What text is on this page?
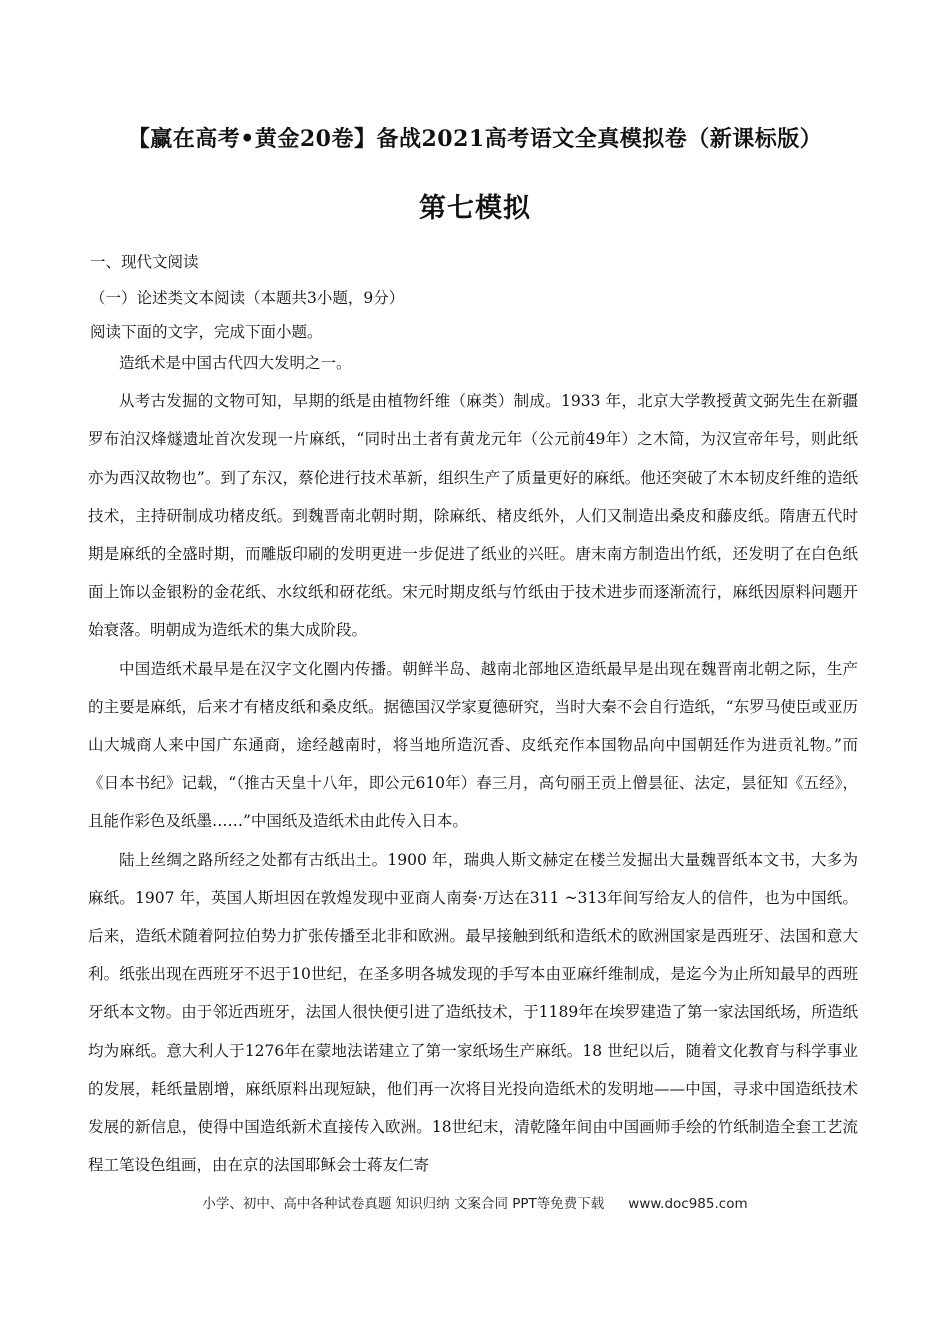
【赢在高考•黄金20卷】备战2021高考语文全真模拟卷（新课标版）
第七模拟
一、现代文阅读
（一）论述类文本阅读（本题共3小题，9分）
阅读下面的文字，完成下面小题。

造纸术是中国古代四大发明之一。

从考古发掘的文物可知，早期的纸是由植物纤维（麻类）制成。1933 年，北京大学教授黄文弼先生在新疆罗布泊汉烽燧遗址首次发现一片麻纸，“同时出土者有黄龙元年（公元前49年）之木简，为汉宣帝年号，则此纸亦为西汉故物也”。到了东汉，蔡伦进行技术革新，组织生产了质量更好的麻纸。他还突破了木本韧皮纤维的造纸技术，主持研制成功楮皮纸。到魏晋南北朝时期，除麻纸、楮皮纸外，人们又制造出桑皮和藤皮纸。隋唐五代时期是麻纸的全盛时期，而雕版印刷的发明更进一步促进了纸业的兴旺。唐末南方制造出竹纸，还发明了在白色纸面上饰以金银粉的金花纸、水纹纸和砑花纸。宋元时期皮纸与竹纸由于技术进步而逐渐流行，麻纸因原料问题开始衰落。明朝成为造纸术的集大成阶段。

中国造纸术最早是在汉字文化圈内传播。朝鲜半岛、越南北部地区造纸最早是出现在魏晋南北朝之际，生产的主要是麻纸，后来才有楮皮纸和桑皮纸。据德国汉学家夏德研究，当时大秦不会自行造纸，“东罗马使臣或亚历山大城商人来中国广东通商，途经越南时，将当地所造沉香、皮纸充作本国物品向中国朝廷作为进贡礼物。”而《日本书纪》记载，“（推古天皇十八年，即公元610年）春三月，高句丽王贡上僧昙征、法定，昙征知《五经》，且能作彩色及纸墨……”中国纸及造纸术由此传入日本。

陆上丝绸之路所经之处都有古纸出土。1900 年，瑞典人斯文赫定在楼兰发掘出大量魏晋纸本文书，大多为麻纸。1907 年，英国人斯坦因在敦煌发现中亚商人南奏·万达在311 ~313年间写给友人的信件，也为中国纸。后来，造纸术随着阿拉伯势力扩张传播至北非和欧洲。最早接触到纸和造纸术的欧洲国家是西班牙、法国和意大利。纸张出现在西班牙不迟于10世纪，在圣多明各城发现的手写本由亚麻纤维制成，是迄今为止所知最早的西班牙纸本文物。由于邻近西班牙，法国人很快便引进了造纸技术，于1189年在埃罗建造了第一家法国纸场，所造纸均为麻纸。意大利人于1276年在蒙地法诺建立了第一家纸场生产麻纸。18 世纪以后，随着文化教育与科学事业的发展，耗纸量剧增，麻纸原料出现短缺，他们再一次将目光投向造纸术的发明地——中国，寻求中国造纸技术发展的新信息，使得中国造纸新术直接传入欧洲。18世纪末，清乾隆年间由中国画师手绘的竹纸制造全套工艺流程工笔设色组画，由在京的法国耶稣会士蒋友仁寄

小学、初中、高中各种试卷真题 知识归纳 文案合同 PPT等免费下载 www.doc985.com
